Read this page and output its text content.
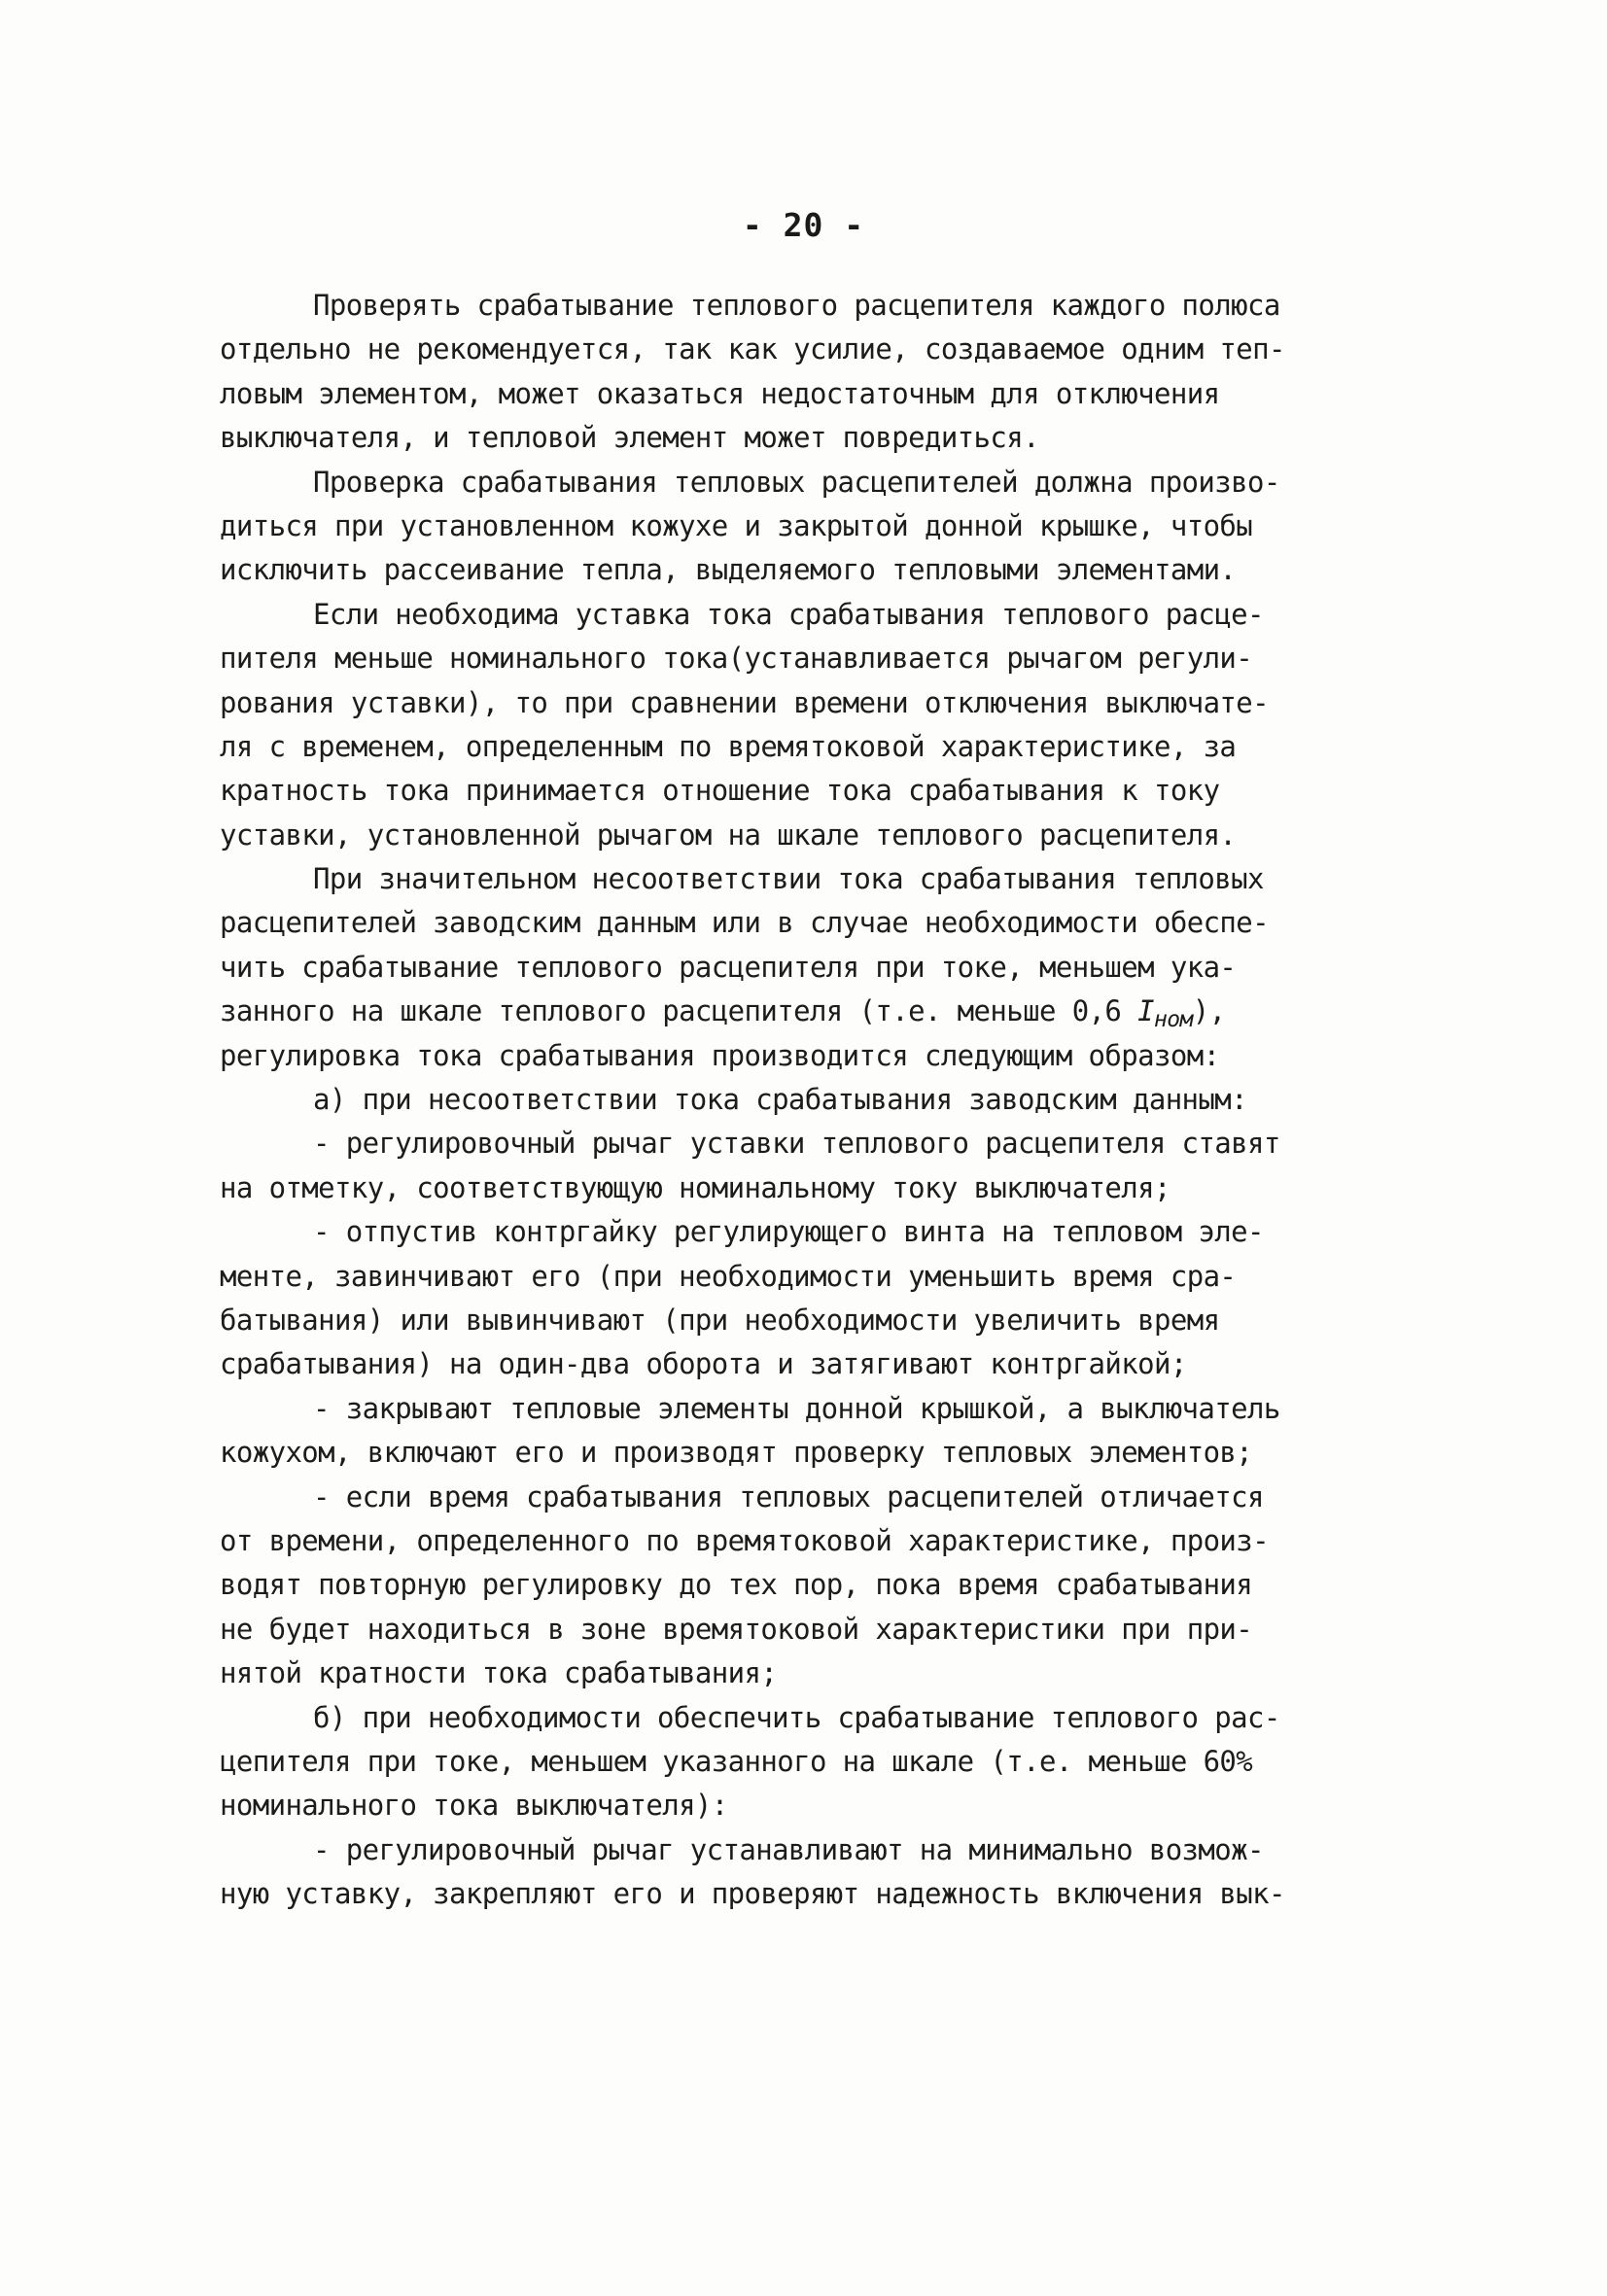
- 20 -
Проверять срабатывание теплового расцепителя каждого полюса
отдельно не рекомендуется, так как усилие, создаваемое одним теп-
ловым элементом, может оказаться недостаточным для отключения
выключателя, и тепловой элемент может повредиться.
Проверка срабатывания тепловых расцепителей должна произво-
диться при установленном кожухе и закрытой донной крышке, чтобы
исключить рассеивание тепла, выделяемого тепловыми элементами.
Если необходима уставка тока срабатывания теплового расце-
пителя меньше номинального тока(устанавливается рычагом регули-
рования уставки), то при сравнении времени отключения выключате-
ля с временем, определенным по времятоковой характеристике, за
кратность тока принимается отношение тока срабатывания к току
уставки, установленной рычагом на шкале теплового расцепителя.
При значительном несоответствии тока срабатывания тепловых
расцепителей заводским данным или в случае необходимости обеспе-
чить срабатывание теплового расцепителя при токе, меньшем ука-
занного на шкале теплового расцепителя (т.е. меньше 0,6 $I_{ном}$),
регулировка тока срабатывания производится следующим образом:
а) при несоответствии тока срабатывания заводским данным:
- регулировочный рычаг уставки теплового расцепителя ставят
на отметку, соответствующую номинальному току выключателя;
- отпустив контргайку регулирующего винта на тепловом эле-
менте, завинчивают его (при необходимости уменьшить время сра-
батывания) или вывинчивают (при необходимости увеличить время
срабатывания) на один-два оборота и затягивают контргайкой;
- закрывают тепловые элементы донной крышкой, а выключатель
кожухом, включают его и производят проверку тепловых элементов;
- если время срабатывания тепловых расцепителей отличается
от времени, определенного по времятоковой характеристике, произ-
водят повторную регулировку до тех пор, пока время срабатывания
не будет находиться в зоне времятоковой характеристики при при-
нятой кратности тока срабатывания;
б) при необходимости обеспечить срабатывание теплового рас-
цепителя при токе, меньшем указанного на шкале (т.е. меньше 60%
номинального тока выключателя):
- регулировочный рычаг устанавливают на минимально возмож-
ную уставку, закрепляют его и проверяют надежность включения вык-
